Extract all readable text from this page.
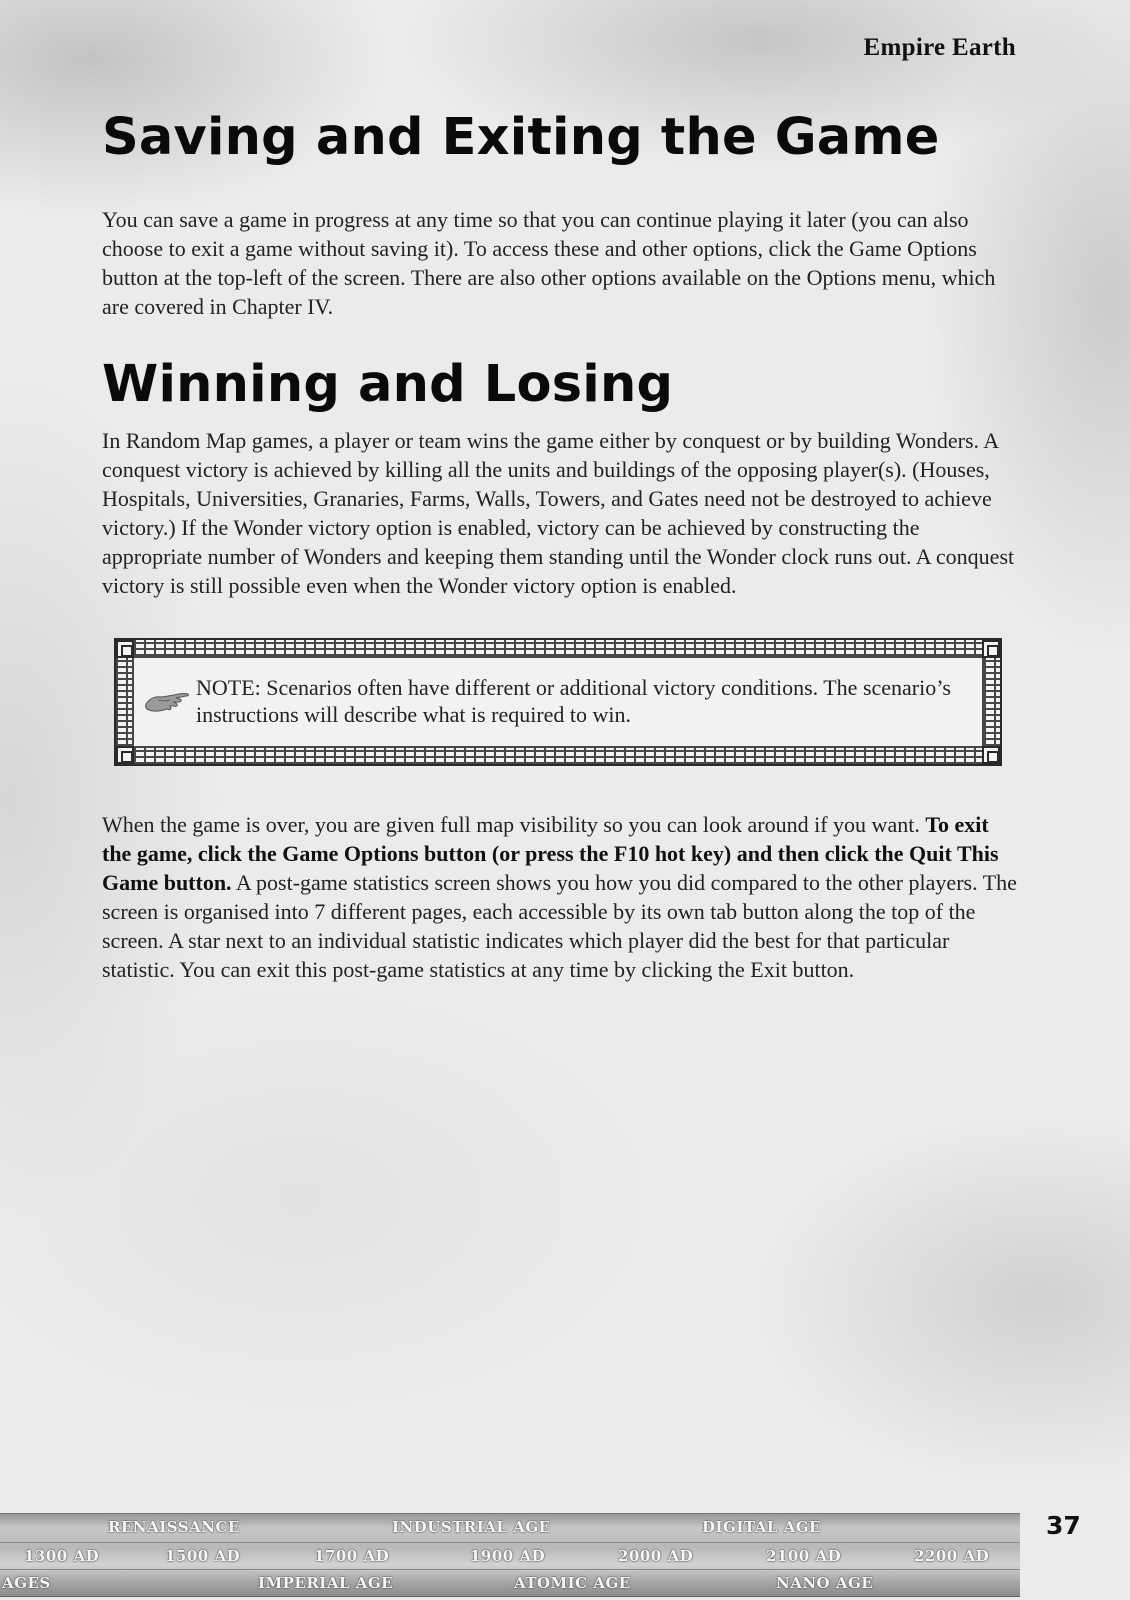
Empire Earth
Saving and Exiting the Game

You can save a game in progress at any time so that you can continue playing it later (you can also choose to exit a game without saving it). To access these and other options, click the Game Options button at the top-left of the screen. There are also other options available on the Options menu, which are covered in Chapter IV.

Winning and Losing

In Random Map games, a player or team wins the game either by conquest or by building Wonders. A conquest victory is achieved by killing all the units and buildings of the opposing player(s). (Houses, Hospitals, Universities, Granaries, Farms, Walls, Towers, and Gates need not be destroyed to achieve victory.) If the Wonder victory option is enabled, victory can be achieved by constructing the appropriate number of Wonders and keeping them standing until the Wonder clock runs out. A conquest victory is still possible even when the Wonder victory option is enabled.

NOTE: Scenarios often have different or additional victory conditions. The scenario’s instructions will describe what is required to win.

When the game is over, you are given full map visibility so you can look around if you want. To exit the game, click the Game Options button (or press the F10 hot key) and then click the Quit This Game button. A post-game statistics screen shows you how you did compared to the other players. The screen is organised into 7 different pages, each accessible by its own tab button along the top of the screen. A star next to an individual statistic indicates which player did the best for that particular statistic. You can exit this post-game statistics at any time by clicking the Exit button.

RENAISSANCE	INDUSTRIAL AGE	DIGITAL AGE
1300 AD	1500 AD	1700 AD	1900 AD	2000 AD	2100 AD	2200 AD
AGES	IMPERIAL AGE	ATOMIC AGE	NANO AGE
37
